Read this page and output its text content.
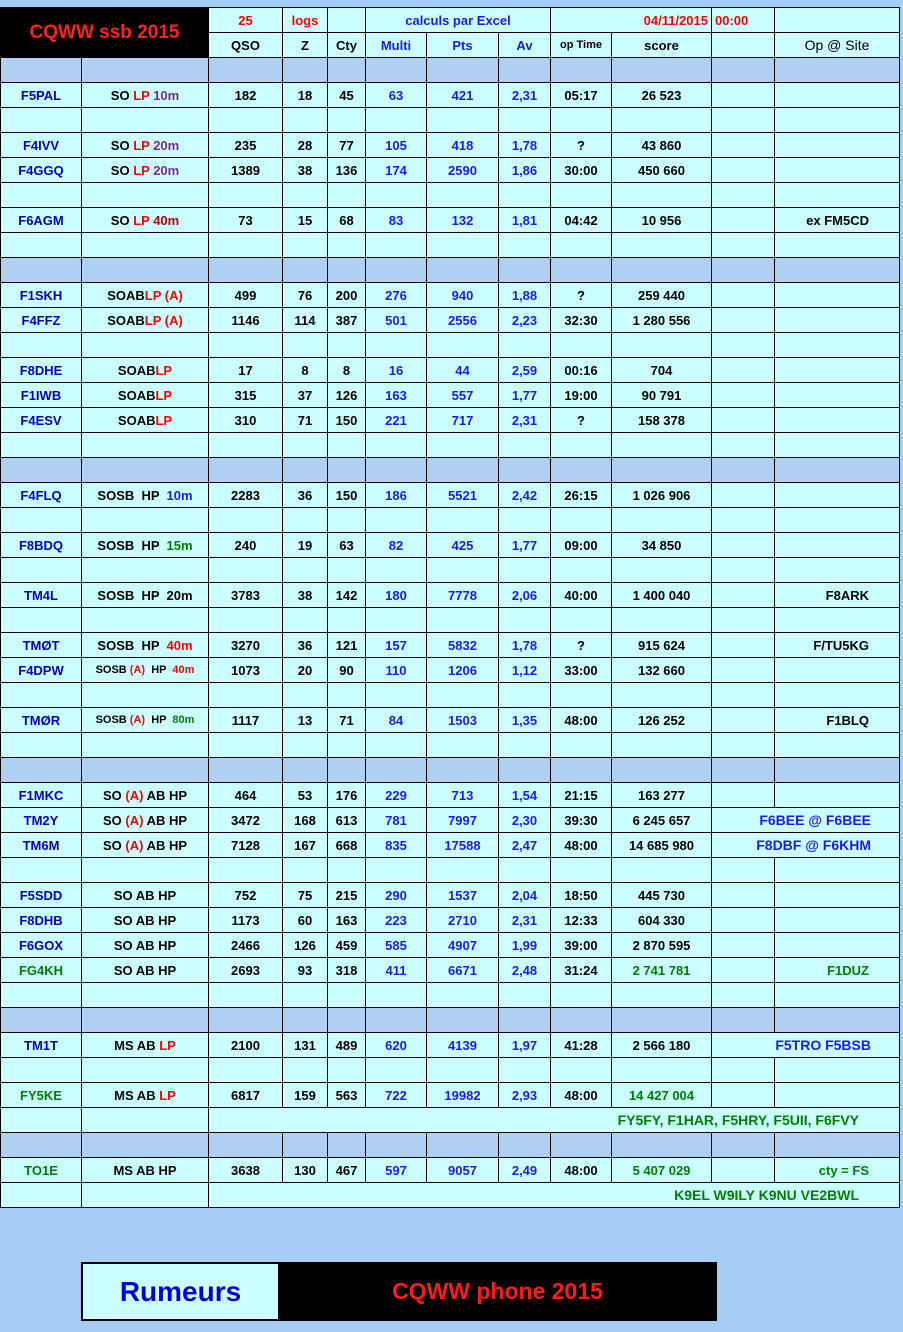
CQWW ssb 2015		25	logs		calculs par Excel			04/11/2015		00:00	
		QSO	Z	Cty	Multi	Pts	Av	op Time	score		Op @ Site

F5PAL	SO LP 10m	182	18	45	63	421	2,31	05:17	26 523		

F4IVV	SO LP 20m	235	28	77	105	418	1,78	?	43 860		
F4GGQ	SO LP 20m	1389	38	136	174	2590	1,86	30:00	450 660		

F6AGM	SO LP 40m	73	15	68	83	132	1,81	04:42	10 956		ex FM5CD

F1SKH	SOABLP (A)	499	76	200	276	940	1,88	?	259 440		
F4FFZ	SOABLP (A)	1146	114	387	501	2556	2,23	32:30	1 280 556		

F8DHE	SOABLP	17	8	8	16	44	2,59	00:16	704		
F1IWB	SOABLP	315	37	126	163	557	1,77	19:00	90 791		
F4ESV	SOABLP	310	71	150	221	717	2,31	?	158 378		

F4FLQ	SOSB  HP  10m	2283	36	150	186	5521	2,42	26:15	1 026 906		

F8BDQ	SOSB  HP  15m	240	19	63	82	425	1,77	09:00	34 850		

TM4L	SOSB  HP  20m	3783	38	142	180	7778	2,06	40:00	1 400 040		F8ARK

TMØT	SOSB  HP  40m	3270	36	121	157	5832	1,78	?	915 624		F/TU5KG
F4DPW	SOSB (A)  HP  40m	1073	20	90	110	1206	1,12	33:00	132 660		

TMØR	SOSB (A)  HP  80m	1117	13	71	84	1503	1,35	48:00	126 252		F1BLQ

F1MKC	SO (A) AB HP	464	53	176	229	713	1,54	21:15	163 277		
TM2Y	SO (A) AB HP	3472	168	613	781	7997	2,30	39:30	6 245 657	F6BEE @ F6BEE	
TM6M	SO (A) AB HP	7128	167	668	835	17588	2,47	48:00	14 685 980	F8DBF @ F6KHM	

F5SDD	SO AB HP	752	75	215	290	1537	2,04	18:50	445 730		
F8DHB	SO AB HP	1173	60	163	223	2710	2,31	12:33	604 330		
F6GOX	SO AB HP	2466	126	459	585	4907	1,99	39:00	2 870 595		
FG4KH	SO AB HP	2693	93	318	411	6671	2,48	31:24	2 741 781		F1DUZ

TM1T	MS AB LP	2100	131	489	620	4139	1,97	41:28	2 566 180	F5TRO F5BSB	

FY5KE	MS AB LP	6817	159	563	722	19982	2,93	48:00	14 427 004		
								FY5FY, F1HAR, F5HRY, F5UII, F6FVY			

TO1E	MS AB HP	3638	130	467	597	9057	2,49	48:00	5 407 029		cty = FS
								K9EL W9ILY K9NU VE2BWL			
Rumeurs	CQWW phone 2015
